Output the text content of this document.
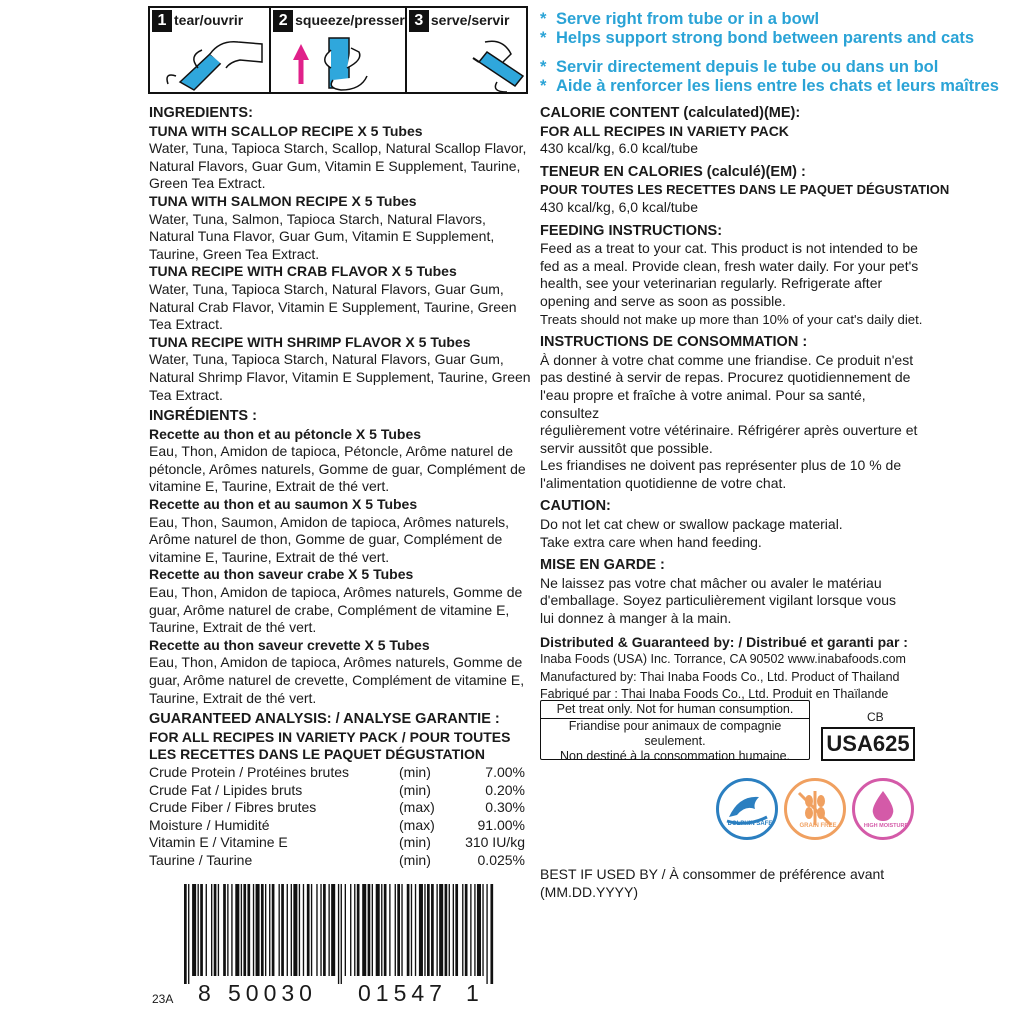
1 tear/ouvrir	2 squeeze/presser 3 serve/servir * Serve right from tube or in a bowl
* Helps support strong bond between parents and cats
* Servir directement depuis le tube ou dans un bol
* Aide à renforcer les liens entre les chats et leurs maîtres
INGREDIENTS:
TUNA WITH SCALLOP RECIPE X 5 Tubes
Water, Tuna, Tapioca Starch, Scallop, Natural Scallop Flavor,
Natural Flavors, Guar Gum, Vitamin E Supplement, Taurine,
Green Tea Extract.
TUNA WITH SALMON RECIPE X 5 Tubes
Water, Tuna, Salmon, Tapioca Starch, Natural Flavors,
Natural Tuna Flavor, Guar Gum, Vitamin E Supplement,
Taurine, Green Tea Extract.
TUNA RECIPE WITH CRAB FLAVOR X 5 Tubes
Water, Tuna, Tapioca Starch, Natural Flavors, Guar Gum,
Natural Crab Flavor, Vitamin E Supplement, Taurine, Green
Tea Extract.
TUNA RECIPE WITH SHRIMP FLAVOR X 5 Tubes
Water, Tuna, Tapioca Starch, Natural Flavors, Guar Gum,
Natural Shrimp Flavor, Vitamin E Supplement, Taurine, Green
Tea Extract.
INGRÉDIENTS :
Recette au thon et au pétoncle X 5 Tubes
Eau, Thon, Amidon de tapioca, Pétoncle, Arôme naturel de
pétoncle, Arômes naturels, Gomme de guar, Complément de
vitamine E, Taurine, Extrait de thé vert.
Recette au thon et au saumon X 5 Tubes
Eau, Thon, Saumon, Amidon de tapioca, Arômes naturels,
Arôme naturel de thon, Gomme de guar, Complément de
vitamine E, Taurine, Extrait de thé vert.
Recette au thon saveur crabe X 5 Tubes
Eau, Thon, Amidon de tapioca, Arômes naturels, Gomme de
guar, Arôme naturel de crabe, Complément de vitamine E,
Taurine, Extrait de thé vert.
Recette au thon saveur crevette X 5 Tubes
Eau, Thon, Amidon de tapioca, Arômes naturels, Gomme de
guar, Arôme naturel de crevette, Complément de vitamine E,
Taurine, Extrait de thé vert.
GUARANTEED ANALYSIS: / ANALYSE GARANTIE :
FOR ALL RECIPES IN VARIETY PACK / POUR TOUTES
LES RECETTES DANS LE PAQUET DÉGUSTATION
Crude Protein / Protéines brutes	(min)	7.00%
Crude Fat / Lipides bruts	(min)	0.20%
Crude Fiber / Fibres brutes	(max)	0.30%
Moisture / Humidité	(max)	91.00%
Vitamin E / Vitamine E	(min)	310 IU/kg
Taurine / Taurine	(min)	0.025%
CALORIE CONTENT (calculated)(ME):
FOR ALL RECIPES IN VARIETY PACK
430 kcal/kg, 6.0 kcal/tube
TENEUR EN CALORIES (calculé)(EM) :
POUR TOUTES LES RECETTES DANS LE PAQUET DÉGUSTATION
430 kcal/kg, 6,0 kcal/tube
FEEDING INSTRUCTIONS:
Feed as a treat to your cat. This product is not intended to be
fed as a meal. Provide clean, fresh water daily. For your pet's
health, see your veterinarian regularly. Refrigerate after
opening and serve as soon as possible.
Treats should not make up more than 10% of your cat's daily diet.
INSTRUCTIONS DE CONSOMMATION :
À donner à votre chat comme une friandise. Ce produit n'est
pas destiné à servir de repas. Procurez quotidiennement de
l'eau propre et fraîche à votre animal. Pour sa santé, consultez
régulièrement votre vétérinaire. Réfrigérer après ouverture et
servir aussitôt que possible.
Les friandises ne doivent pas représenter plus de 10 % de
l'alimentation quotidienne de votre chat.
CAUTION:
Do not let cat chew or swallow package material.
Take extra care when hand feeding.
MISE EN GARDE :
Ne laissez pas votre chat mâcher ou avaler le matériau
d'emballage. Soyez particulièrement vigilant lorsque vous
lui donnez à manger à la main.
Distributed & Guaranteed by: / Distribué et garanti par :
Inaba Foods (USA) Inc. Torrance, CA 90502 www.inabafoods.com
Manufactured by: Thai Inaba Foods Co., Ltd. Product of Thailand
Fabriqué par : Thai Inaba Foods Co., Ltd. Produit en Thaïlande
Pet treat only. Not for human consumption.
Friandise pour animaux de compagnie seulement.
Non destiné à la consommation humaine.
CB
USA625
DOLPHIN SAFE	GRAIN FREE	HIGH MOISTURE
BEST IF USED BY / À consommer de préférence avant
(MM.DD.YYYY)
8 50030 01547 1
23A
